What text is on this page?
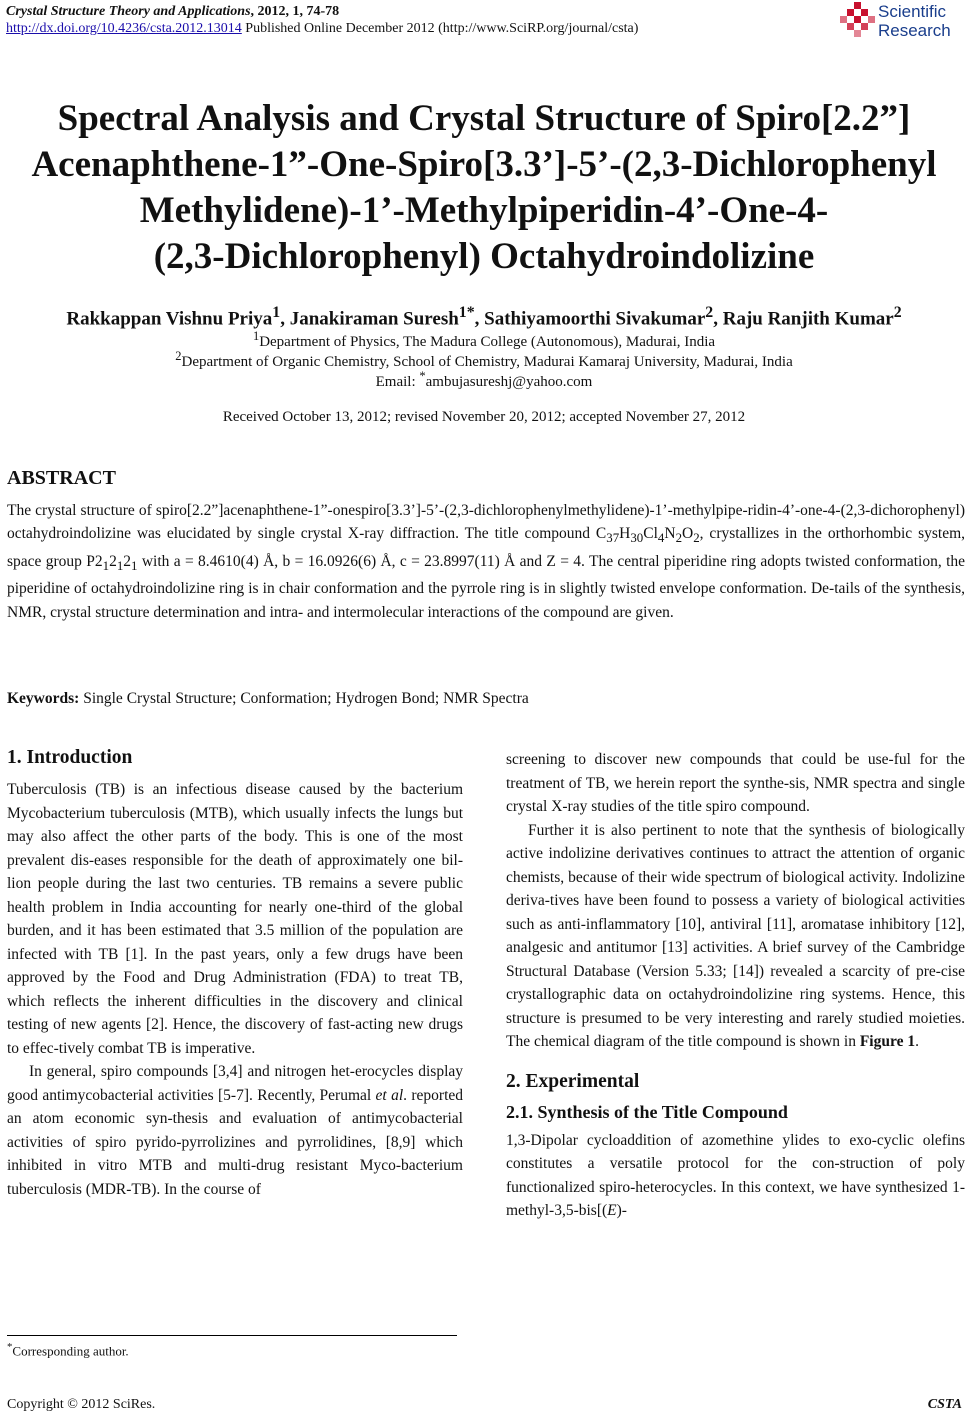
Crystal Structure Theory and Applications, 2012, 1, 74-78
http://dx.doi.org/10.4236/csta.2012.13014 Published Online December 2012 (http://www.SciRP.org/journal/csta)
Scientific
Research
Spectral Analysis and Crystal Structure of Spiro[2.2”]
Acenaphthene-1”-One-Spiro[3.3’]-5’-(2,3-Dichlorophenyl
Methylidene)-1’-Methylpiperidin-4’-One-4-
(2,3-Dichlorophenyl) Octahydroindolizine
Rakkappan Vishnu Priya$^1$, Janakiraman Suresh$^{1*}$, Sathiyamoorthi Sivakumar$^2$, Raju Ranjith Kumar$^2$
$^1$Department of Physics, The Madura College (Autonomous), Madurai, India
$^2$Department of Organic Chemistry, School of Chemistry, Madurai Kamaraj University, Madurai, India
Email: *ambujasureshj@yahoo.com
Received October 13, 2012; revised November 20, 2012; accepted November 27, 2012
ABSTRACT
The crystal structure of spiro[2.2”]acenaphthene-1”-onespiro[3.3’]-5’-(2,3-dichlorophenylmethylidene)-1’-methylpipe-ridin-4’-one-4-(2,3-dichorophenyl) octahydroindolizine was elucidated by single crystal X-ray diffraction. The title compound $C_{37}H_{30}Cl_4N_2O_2$, crystallizes in the orthorhombic system, space group $P2_12_12_1$ with a = 8.4610(4) Å, b = 16.0926(6) Å, c = 23.8997(11) Å and Z = 4. The central piperidine ring adopts twisted conformation, the piperidine of octahydroindolizine ring is in chair conformation and the pyrrole ring is in slightly twisted envelope conformation. De-tails of the synthesis, NMR, crystal structure determination and intra- and intermolecular interactions of the compound are given.
Keywords: Single Crystal Structure; Conformation; Hydrogen Bond; NMR Spectra

1. Introduction

Tuberculosis (TB) is an infectious disease caused by the bacterium Mycobacterium tuberculosis (MTB), which usually infects the lungs but may also affect the other parts of the body. This is one of the most prevalent dis-eases responsible for the death of approximately one bil-lion people during the last two centuries. TB remains a severe public health problem in India accounting for nearly one-third of the global burden, and it has been estimated that 3.5 million of the population are infected with TB [1]. In the past years, only a few drugs have been approved by the Food and Drug Administration (FDA) to treat TB, which reflects the inherent difficulties in the discovery and clinical testing of new agents [2]. Hence, the discovery of fast-acting new drugs to effec-tively combat TB is imperative.

In general, spiro compounds [3,4] and nitrogen het-erocycles display good antimycobacterial activities [5-7]. Recently, Perumal et al. reported an atom economic syn-thesis and evaluation of antimycobacterial activities of spiro pyrido-pyrrolizines and pyrrolidines, [8,9] which inhibited in vitro MTB and multi-drug resistant Myco-bacterium tuberculosis (MDR-TB). In the course of

screening to discover new compounds that could be use-ful for the treatment of TB, we herein report the synthe-sis, NMR spectra and single crystal X-ray studies of the title spiro compound.

Further it is also pertinent to note that the synthesis of biologically active indolizine derivatives continues to attract the attention of organic chemists, because of their wide spectrum of biological activity. Indolizine deriva-tives have been found to possess a variety of biological activities such as anti-inflammatory [10], antiviral [11], aromatase inhibitory [12], analgesic and antitumor [13] activities. A brief survey of the Cambridge Structural Database (Version 5.33; [14]) revealed a scarcity of pre-cise crystallographic data on octahydroindolizine ring systems. Hence, this structure is presumed to be very interesting and rarely studied moieties. The chemical diagram of the title compound is shown in Figure 1.

2. Experimental

2.1. Synthesis of the Title Compound

1,3-Dipolar cycloaddition of azomethine ylides to exo-cyclic olefins constitutes a versatile protocol for the con-struction of poly functionalized spiro-heterocycles. In this context, we have synthesized 1-methyl-3,5-bis[(E)-

*Corresponding author.
Copyright © 2012 SciRes.	CSTA
